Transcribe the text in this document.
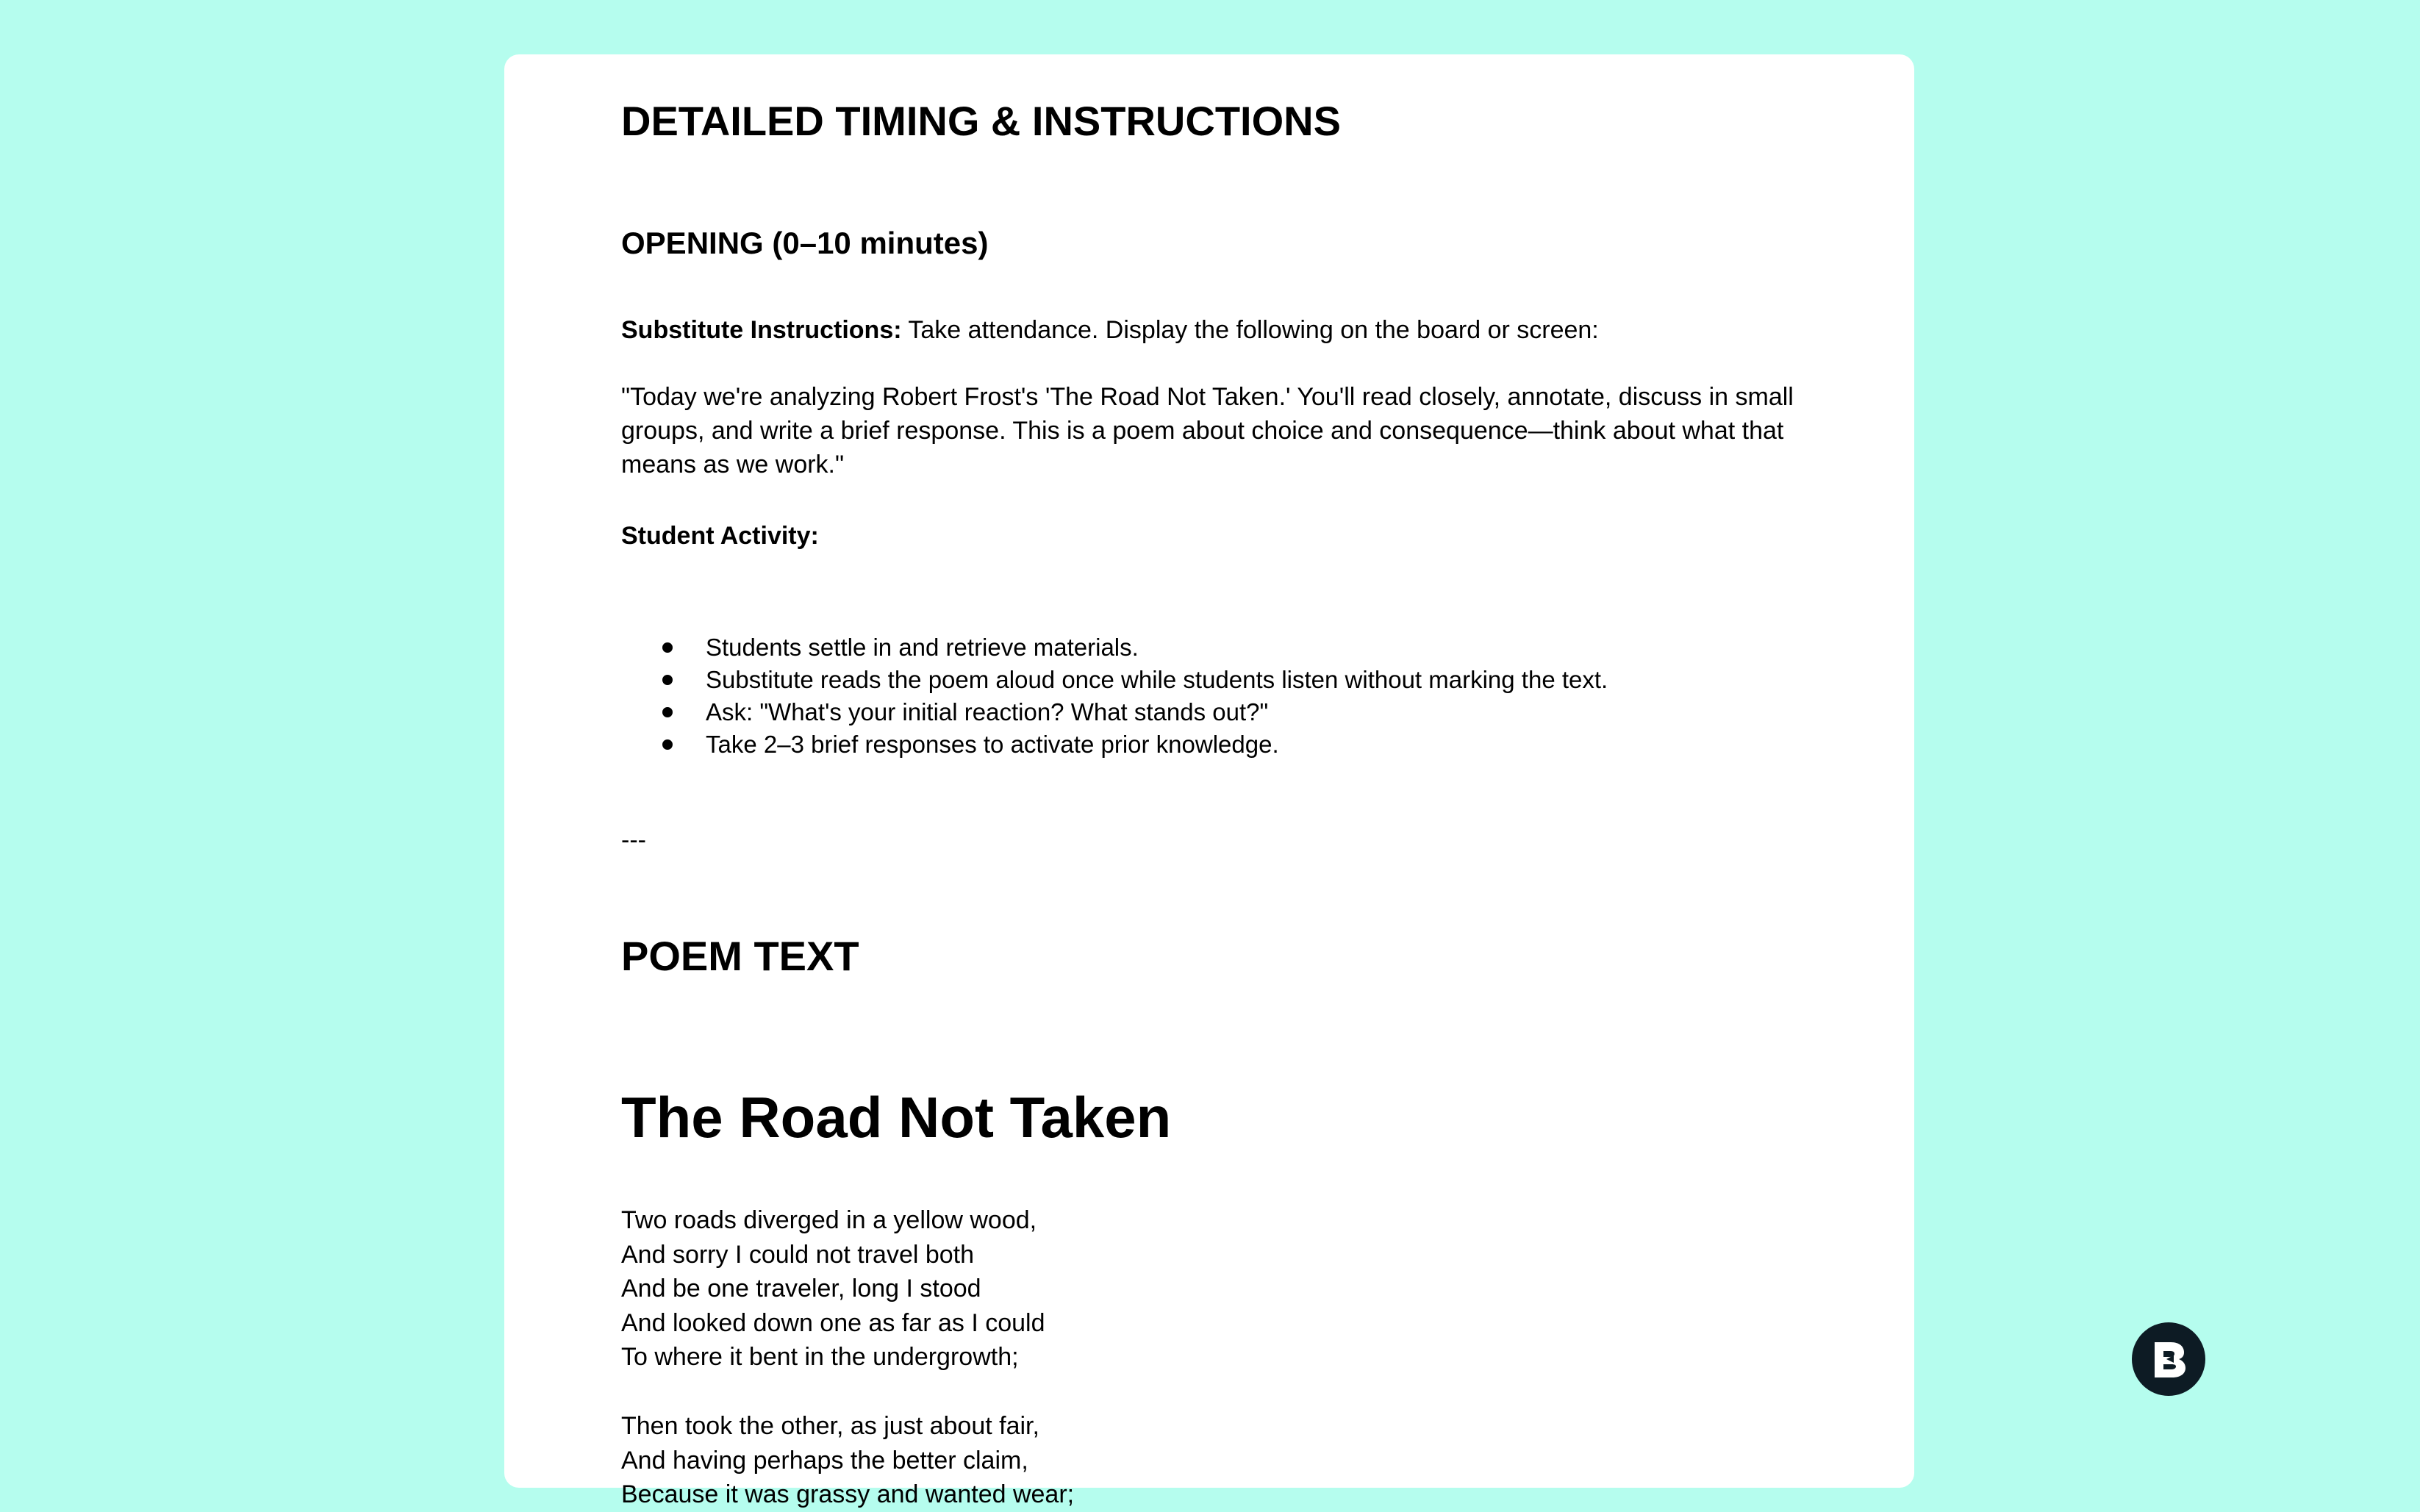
DETAILED TIMING & INSTRUCTIONS
OPENING (0–10 minutes)

Substitute Instructions: Take attendance. Display the following on the board or screen:

"Today we're analyzing Robert Frost's 'The Road Not Taken.' You'll read closely, annotate, discuss in small groups, and write a brief response. This is a poem about choice and consequence—think about what that means as we work."

Student Activity:

Students settle in and retrieve materials.
Substitute reads the poem aloud once while students listen without marking the text.
Ask: "What's your initial reaction? What stands out?"
Take 2–3 brief responses to activate prior knowledge.

---

POEM TEXT
The Road Not Taken
Two roads diverged in a yellow wood,
And sorry I could not travel both
And be one traveler, long I stood
And looked down one as far as I could
To where it bent in the undergrowth;
Then took the other, as just about fair,
And having perhaps the better claim,
Because it was grassy and wanted wear;
